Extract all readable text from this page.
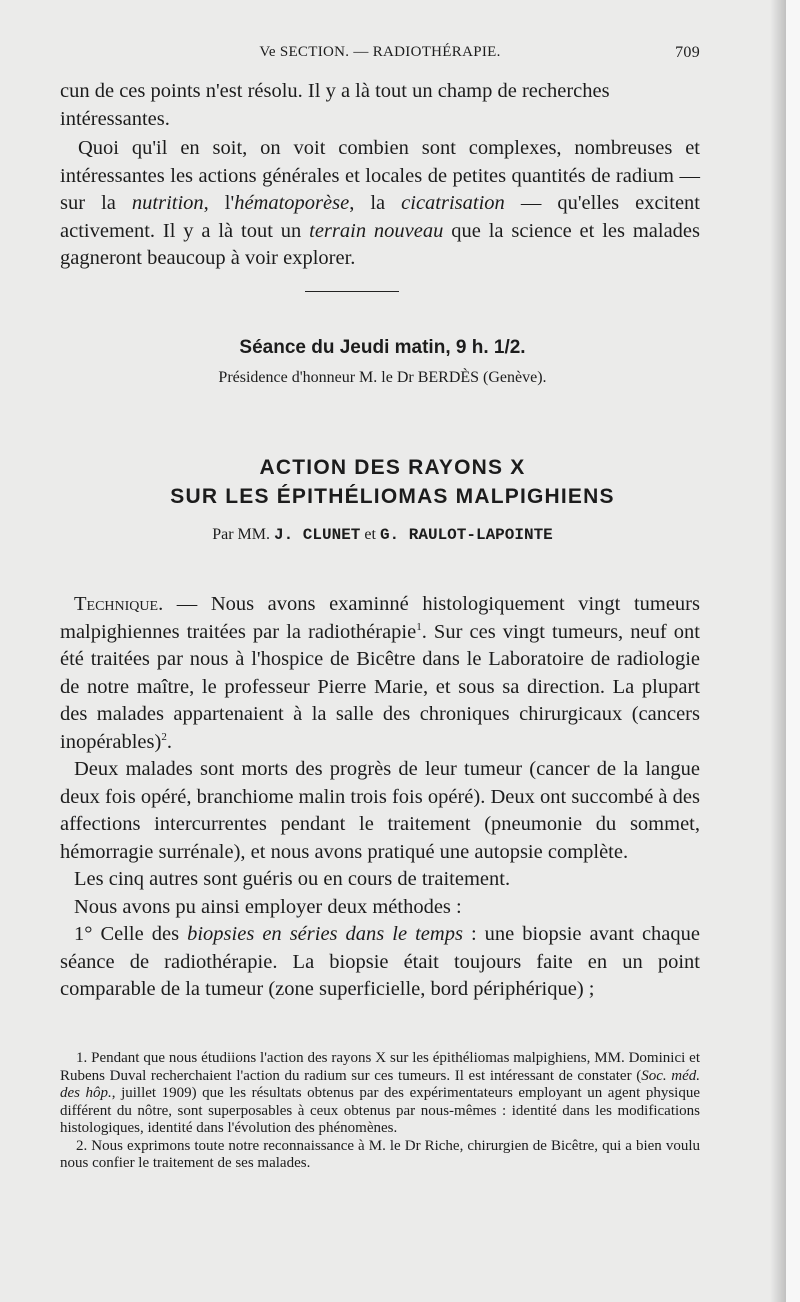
Ve SECTION. — RADIOTHÉRAPIE.	709

cun de ces points n'est résolu. Il y a là tout un champ de recherches intéressantes.

Quoi qu'il en soit, on voit combien sont complexes, nombreuses et intéressantes les actions générales et locales de petites quantités de radium — sur la nutrition, l'hématoporèse, la cicatrisation — qu'elles excitent activement. Il y a là tout un terrain nouveau que la science et les malades gagneront beaucoup à voir explorer.

Séance du Jeudi matin, 9 h. 1/2.
Présidence d'honneur M. le Dr BERDÈS (Genève).
ACTION DES RAYONS X
SUR LES ÉPITHÉLIOMAS MALPIGHIENS
Par MM. J. CLUNET et G. RAULOT-LAPOINTE

Technique. — Nous avons examinné histologiquement vingt tumeurs malpighiennes traitées par la radiothérapie$^1$. Sur ces vingt tumeurs, neuf ont été traitées par nous à l'hospice de Bicêtre dans le Laboratoire de radiologie de notre maître, le professeur Pierre Marie, et sous sa direction. La plupart des malades appartenaient à la salle des chroniques chirurgicaux (cancers inopérables)$^2$.

Deux malades sont morts des progrès de leur tumeur (cancer de la langue deux fois opéré, branchiome malin trois fois opéré). Deux ont succombé à des affections intercurrentes pendant le traitement (pneumonie du sommet, hémorragie surrénale), et nous avons pratiqué une autopsie complète.

Les cinq autres sont guéris ou en cours de traitement.

Nous avons pu ainsi employer deux méthodes :

1° Celle des biopsies en séries dans le temps : une biopsie avant chaque séance de radiothérapie. La biopsie était toujours faite en un point comparable de la tumeur (zone superficielle, bord périphérique) ;

1. Pendant que nous étudiions l'action des rayons X sur les épithéliomas malpighiens, MM. Dominici et Rubens Duval recherchaient l'action du radium sur ces tumeurs. Il est intéressant de constater (Soc. méd. des hôp., juillet 1909) que les résultats obtenus par des expérimentateurs employant un agent physique différent du nôtre, sont superposables à ceux obtenus par nous-mêmes : identité dans les modifications histologiques, identité dans l'évolution des phénomènes.

2. Nous exprimons toute notre reconnaissance à M. le Dr Riche, chirurgien de Bicêtre, qui a bien voulu nous confier le traitement de ses malades.
